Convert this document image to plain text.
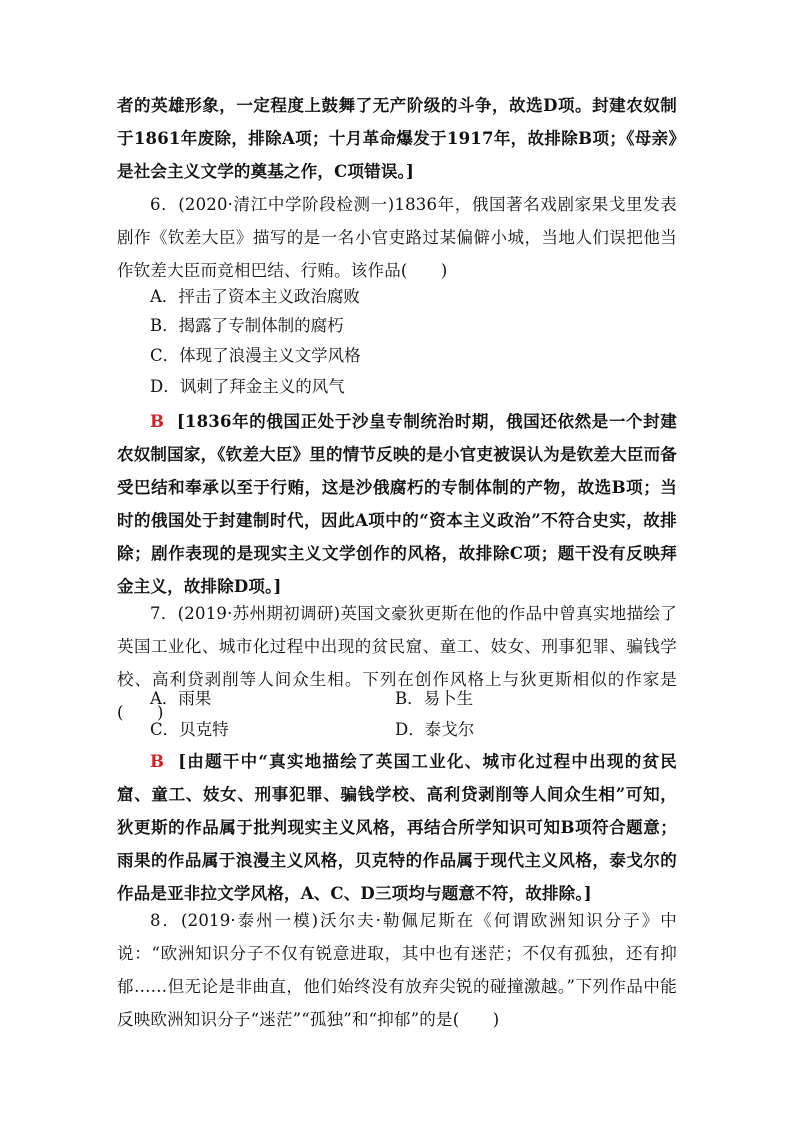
者的英雄形象，一定程度上鼓舞了无产阶级的斗争，故选D项。封建农奴制于1861年废除，排除A项；十月革命爆发于1917年，故排除B项；《母亲》是社会主义文学的奠基之作，C项错误。]
6．(2020·清江中学阶段检测一)1836年，俄国著名戏剧家果戈里发表剧作《钦差大臣》描写的是一名小官吏路过某偏僻小城，当地人们误把他当作钦差大臣而竞相巴结、行贿。该作品(　　)
A．抨击了资本主义政治腐败
B．揭露了专制体制的腐朽
C．体现了浪漫主义文学风格
D．讽刺了拜金主义的风气
B [1836年的俄国正处于沙皇专制统治时期，俄国还依然是一个封建农奴制国家，《钦差大臣》里的情节反映的是小官吏被误认为是钦差大臣而备受巴结和奉承以至于行贿，这是沙俄腐朽的专制体制的产物，故选B项；当时的俄国处于封建制时代，因此A项中的“资本主义政治”不符合史实，故排除；剧作表现的是现实主义文学创作的风格，故排除C项；题干没有反映拜金主义，故排除D项。]
7．(2019·苏州期初调研)英国文豪狄更斯在他的作品中曾真实地描绘了英国工业化、城市化过程中出现的贫民窟、童工、妓女、刑事犯罪、骗钱学校、高利贷剥削等人间众生相。下列在创作风格上与狄更斯相似的作家是(　　)
A．雨果	B．易卜生
C．贝克特	D．泰戈尔
B [由题干中“真实地描绘了英国工业化、城市化过程中出现的贫民窟、童工、妓女、刑事犯罪、骗钱学校、高利贷剥削等人间众生相”可知，狄更斯的作品属于批判现实主义风格，再结合所学知识可知B项符合题意；雨果的作品属于浪漫主义风格，贝克特的作品属于现代主义风格，泰戈尔的作品是亚非拉文学风格，A、C、D三项均与题意不符，故排除。]
8．(2019·泰州一模)沃尔夫·勒佩尼斯在《何谓欧洲知识分子》中说：“欧洲知识分子不仅有锐意进取，其中也有迷茫；不仅有孤独，还有抑郁……但无论是非曲直，他们始终没有放弃尖锐的碰撞激越。”下列作品中能反映欧洲知识分子“迷茫”“孤独”和“抑郁”的是(　　)
